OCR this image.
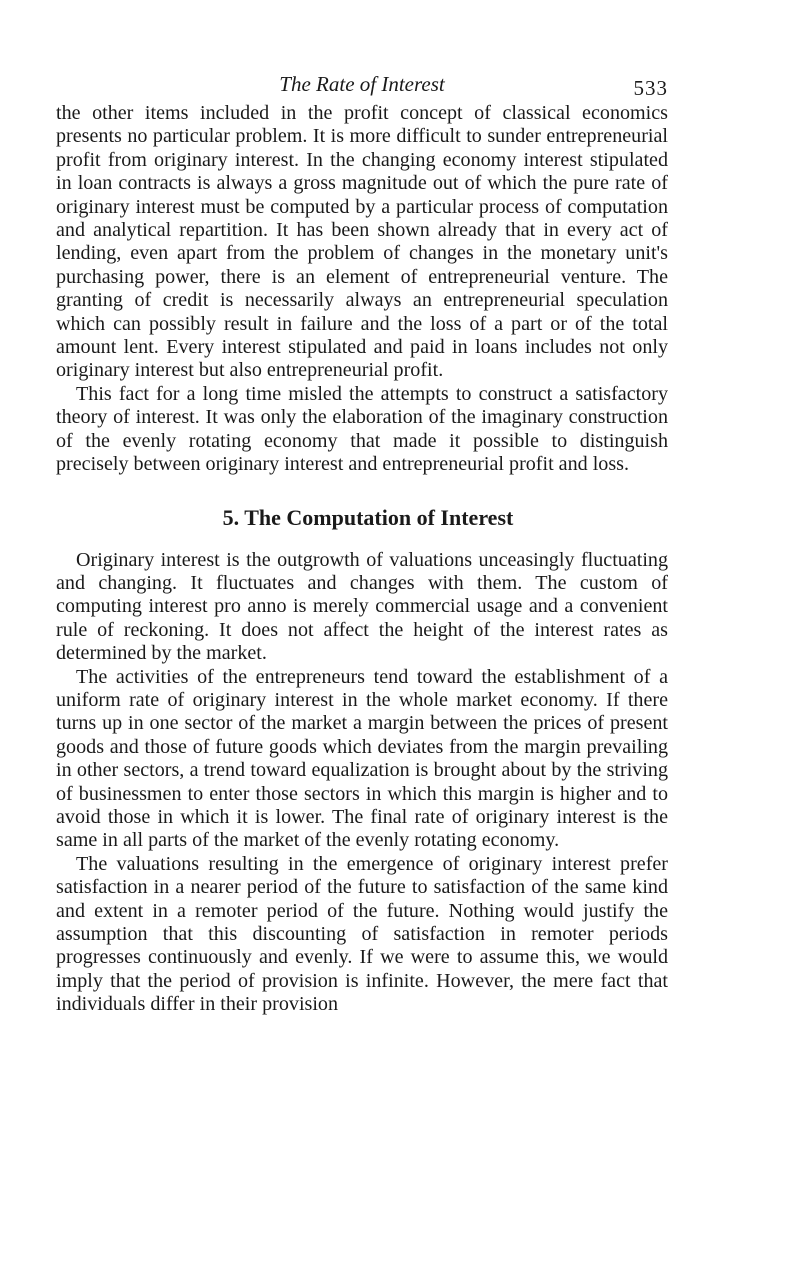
The Rate of Interest	533

the other items included in the profit concept of classical economics presents no particular problem. It is more difficult to sunder entrepreneurial profit from originary interest. In the changing economy interest stipulated in loan contracts is always a gross magnitude out of which the pure rate of originary interest must be computed by a particular process of computation and analytical repartition. It has been shown already that in every act of lending, even apart from the problem of changes in the monetary unit's purchasing power, there is an element of entrepreneurial venture. The granting of credit is necessarily always an entrepreneurial speculation which can possibly result in failure and the loss of a part or of the total amount lent. Every interest stipulated and paid in loans includes not only originary interest but also entrepreneurial profit.

This fact for a long time misled the attempts to construct a satisfactory theory of interest. It was only the elaboration of the imaginary construction of the evenly rotating economy that made it possible to distinguish precisely between originary interest and entrepreneurial profit and loss.

5. The Computation of Interest

Originary interest is the outgrowth of valuations unceasingly fluctuating and changing. It fluctuates and changes with them. The custom of computing interest pro anno is merely commercial usage and a convenient rule of reckoning. It does not affect the height of the interest rates as determined by the market.

The activities of the entrepreneurs tend toward the establishment of a uniform rate of originary interest in the whole market economy. If there turns up in one sector of the market a margin between the prices of present goods and those of future goods which deviates from the margin prevailing in other sectors, a trend toward equalization is brought about by the striving of businessmen to enter those sectors in which this margin is higher and to avoid those in which it is lower. The final rate of originary interest is the same in all parts of the market of the evenly rotating economy.

The valuations resulting in the emergence of originary interest prefer satisfaction in a nearer period of the future to satisfaction of the same kind and extent in a remoter period of the future. Nothing would justify the assumption that this discounting of satisfaction in remoter periods progresses continuously and evenly. If we were to assume this, we would imply that the period of provision is infinite. However, the mere fact that individuals differ in their provision
